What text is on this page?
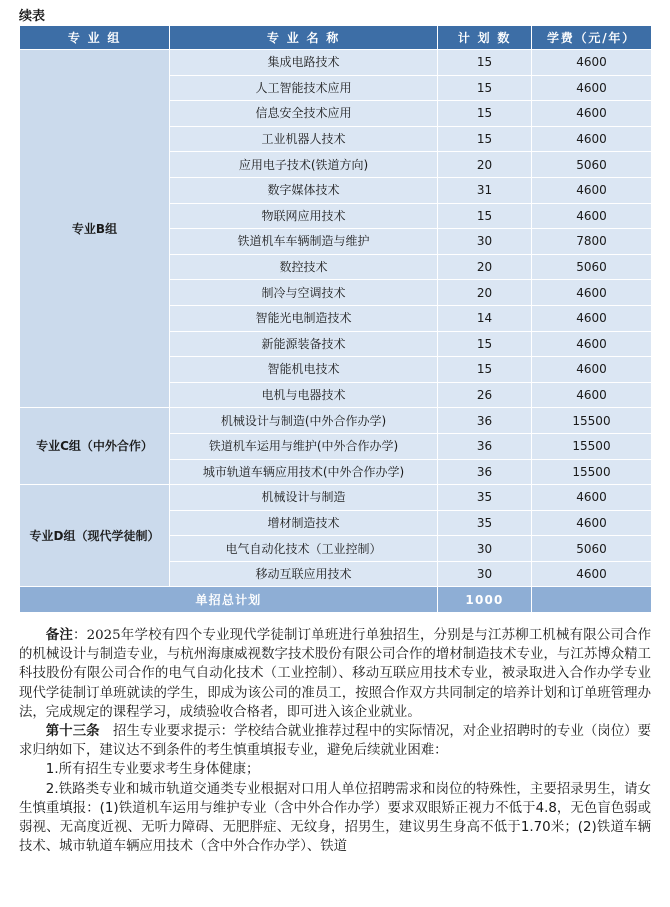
续表
专 业 组	专 业 名 称	计 划 数	学费（元/年）
专业B组	集成电路技术	15	4600
	人工智能技术应用	15	4600
	信息安全技术应用	15	4600
	工业机器人技术	15	4600
	应用电子技术(铁道方向)	20	5060
	数字媒体技术	31	4600
	物联网应用技术	15	4600
	铁道机车车辆制造与维护	30	7800
	数控技术	20	5060
	制冷与空调技术	20	4600
	智能光电制造技术	14	4600
	新能源装备技术	15	4600
	智能机电技术	15	4600
	电机与电器技术	26	4600
专业C组（中外合作）	机械设计与制造(中外合作办学)	36	15500
	铁道机车运用与维护(中外合作办学)	36	15500
	城市轨道车辆应用技术(中外合作办学)	36	15500
专业D组（现代学徒制）	机械设计与制造	35	4600
	增材制造技术	35	4600
	电气自动化技术（工业控制）	30	5060
	移动互联应用技术	30	4600
单招总计划		1000	

备注：2025年学校有四个专业现代学徒制订单班进行单独招生，分别是与江苏柳工机械有限公司合作的机械设计与制造专业，与杭州海康威视数字技术股份有限公司合作的增材制造技术专业，与江苏博众精工科技股份有限公司合作的电气自动化技术（工业控制）、移动互联应用技术专业，被录取进入合作办学专业现代学徒制订单班就读的学生，即成为该公司的准员工，按照合作双方共同制定的培养计划和订单班管理办法，完成规定的课程学习，成绩验收合格者，即可进入该企业就业。

第十三条　招生专业要求提示：学校结合就业推荐过程中的实际情况，对企业招聘时的专业（岗位）要求归纳如下，建议达不到条件的考生慎重填报专业，避免后续就业困难：

1.所有招生专业要求考生身体健康；

2.铁路类专业和城市轨道交通类专业根据对口用人单位招聘需求和岗位的特殊性，主要招录男生，请女生慎重填报：(1)铁道机车运用与维护专业（含中外合作办学）要求双眼矫正视力不低于4.8，无色盲色弱或弱视、无高度近视、无听力障碍、无肥胖症、无纹身，招男生，建议男生身高不低于1.70米；(2)铁道车辆技术、城市轨道车辆应用技术（含中外合作办学）、铁道
